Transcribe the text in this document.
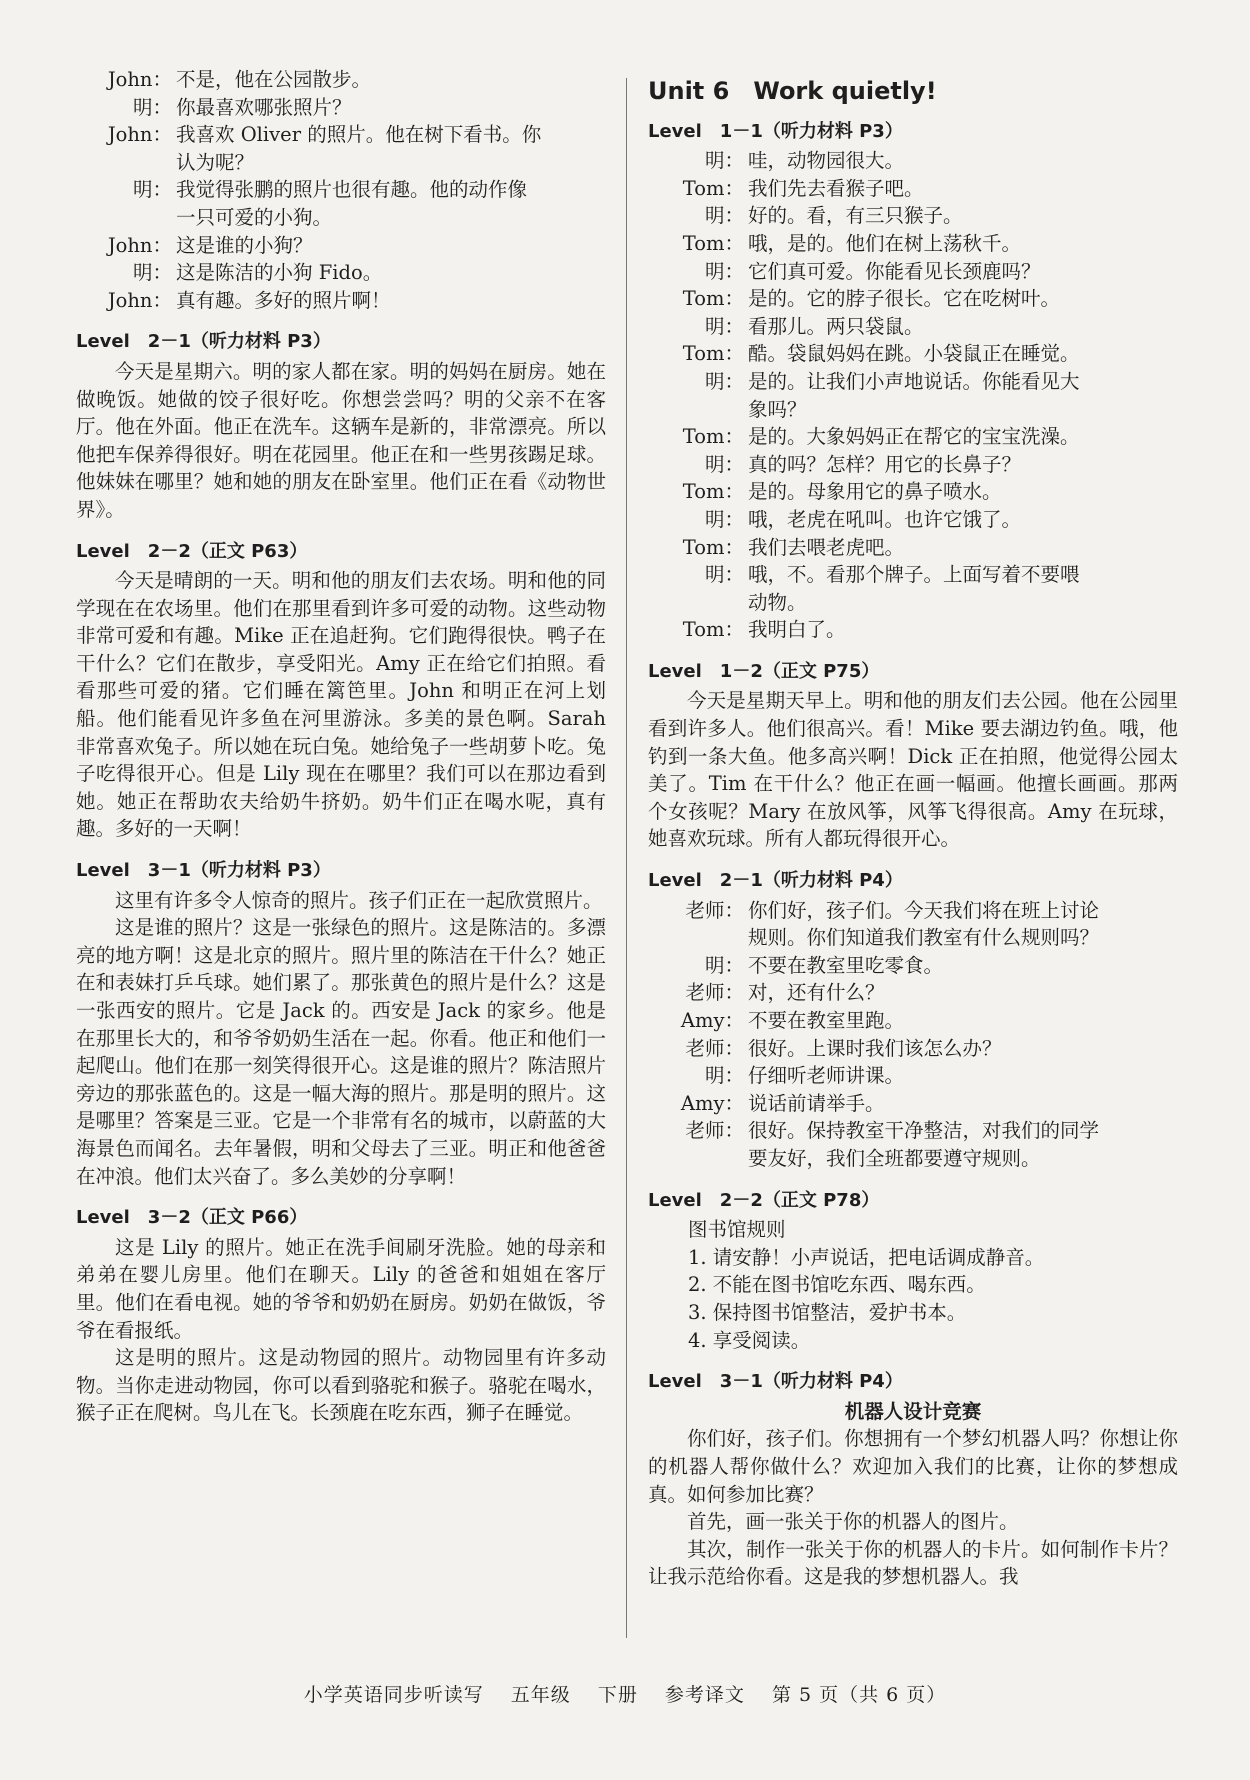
John： 不是，他在公园散步。
明： 你最喜欢哪张照片？
John： 我喜欢 Oliver 的照片。他在树下看书。你
认为呢？
明： 我觉得张鹏的照片也很有趣。他的动作像
一只可爱的小狗。
John： 这是谁的小狗？
明： 这是陈洁的小狗 Fido。
John： 真有趣。多好的照片啊！
Level　2－1（听力材料 P3）
今天是星期六。明的家人都在家。明的妈妈在厨房。她在做晚饭。她做的饺子很好吃。你想尝尝吗？明的父亲不在客厅。他在外面。他正在洗车。这辆车是新的，非常漂亮。所以他把车保养得很好。明在花园里。他正在和一些男孩踢足球。他妹妹在哪里？她和她的朋友在卧室里。他们正在看《动物世界》。
Level　2－2（正文 P63）
今天是晴朗的一天。明和他的朋友们去农场。明和他的同学现在在农场里。他们在那里看到许多可爱的动物。这些动物非常可爱和有趣。Mike 正在追赶狗。它们跑得很快。鸭子在干什么？它们在散步，享受阳光。Amy 正在给它们拍照。看看那些可爱的猪。它们睡在篱笆里。John 和明正在河上划船。他们能看见许多鱼在河里游泳。多美的景色啊。Sarah 非常喜欢兔子。所以她在玩白兔。她给兔子一些胡萝卜吃。兔子吃得很开心。但是 Lily 现在在哪里？我们可以在那边看到她。她正在帮助农夫给奶牛挤奶。奶牛们正在喝水呢，真有趣。多好的一天啊！
Level　3－1（听力材料 P3）
这里有许多令人惊奇的照片。孩子们正在一起欣赏照片。
这是谁的照片？这是一张绿色的照片。这是陈洁的。多漂亮的地方啊！这是北京的照片。照片里的陈洁在干什么？她正在和表妹打乒乓球。她们累了。那张黄色的照片是什么？这是一张西安的照片。它是 Jack 的。西安是 Jack 的家乡。他是在那里长大的，和爷爷奶奶生活在一起。你看。他正和他们一起爬山。他们在那一刻笑得很开心。这是谁的照片？陈洁照片旁边的那张蓝色的。这是一幅大海的照片。那是明的照片。这是哪里？答案是三亚。它是一个非常有名的城市，以蔚蓝的大海景色而闻名。去年暑假，明和父母去了三亚。明正和他爸爸在冲浪。他们太兴奋了。多么美妙的分享啊！
Level　3－2（正文 P66）
这是 Lily 的照片。她正在洗手间刷牙洗脸。她的母亲和弟弟在婴儿房里。他们在聊天。Lily 的爸爸和姐姐在客厅里。他们在看电视。她的爷爷和奶奶在厨房。奶奶在做饭，爷爷在看报纸。
这是明的照片。这是动物园的照片。动物园里有许多动物。当你走进动物园，你可以看到骆驼和猴子。骆驼在喝水，猴子正在爬树。鸟儿在飞。长颈鹿在吃东西，狮子在睡觉。
Unit 6　Work quietly!
Level　1－1（听力材料 P3）
明： 哇，动物园很大。
Tom： 我们先去看猴子吧。
明： 好的。看，有三只猴子。
Tom： 哦，是的。他们在树上荡秋千。
明： 它们真可爱。你能看见长颈鹿吗？
Tom： 是的。它的脖子很长。它在吃树叶。
明： 看那儿。两只袋鼠。
Tom： 酷。袋鼠妈妈在跳。小袋鼠正在睡觉。
明： 是的。让我们小声地说话。你能看见大
象吗？
Tom： 是的。大象妈妈正在帮它的宝宝洗澡。
明： 真的吗？怎样？用它的长鼻子？
Tom： 是的。母象用它的鼻子喷水。
明： 哦，老虎在吼叫。也许它饿了。
Tom： 我们去喂老虎吧。
明： 哦，不。看那个牌子。上面写着不要喂
动物。
Tom： 我明白了。
Level　1－2（正文 P75）
今天是星期天早上。明和他的朋友们去公园。他在公园里看到许多人。他们很高兴。看！Mike 要去湖边钓鱼。哦，他钓到一条大鱼。他多高兴啊！Dick 正在拍照，他觉得公园太美了。Tim 在干什么？他正在画一幅画。他擅长画画。那两个女孩呢？Mary 在放风筝，风筝飞得很高。Amy 在玩球，她喜欢玩球。所有人都玩得很开心。
Level　2－1（听力材料 P4）
老师： 你们好，孩子们。今天我们将在班上讨论
规则。你们知道我们教室有什么规则吗？
明： 不要在教室里吃零食。
老师： 对，还有什么？
Amy： 不要在教室里跑。
老师： 很好。上课时我们该怎么办？
明： 仔细听老师讲课。
Amy： 说话前请举手。
老师： 很好。保持教室干净整洁，对我们的同学
要友好，我们全班都要遵守规则。
Level　2－2（正文 P78）
图书馆规则
1. 请安静！小声说话，把电话调成静音。
2. 不能在图书馆吃东西、喝东西。
3. 保持图书馆整洁，爱护书本。
4. 享受阅读。
Level　3－1（听力材料 P4）
机器人设计竞赛
你们好，孩子们。你想拥有一个梦幻机器人吗？你想让你的机器人帮你做什么？欢迎加入我们的比赛，让你的梦想成真。如何参加比赛？
首先，画一张关于你的机器人的图片。
其次，制作一张关于你的机器人的卡片。如何制作卡片？让我示范给你看。这是我的梦想机器人。我
小学英语同步听读写 五年级 下册 参考译文 第 5 页（共 6 页）
